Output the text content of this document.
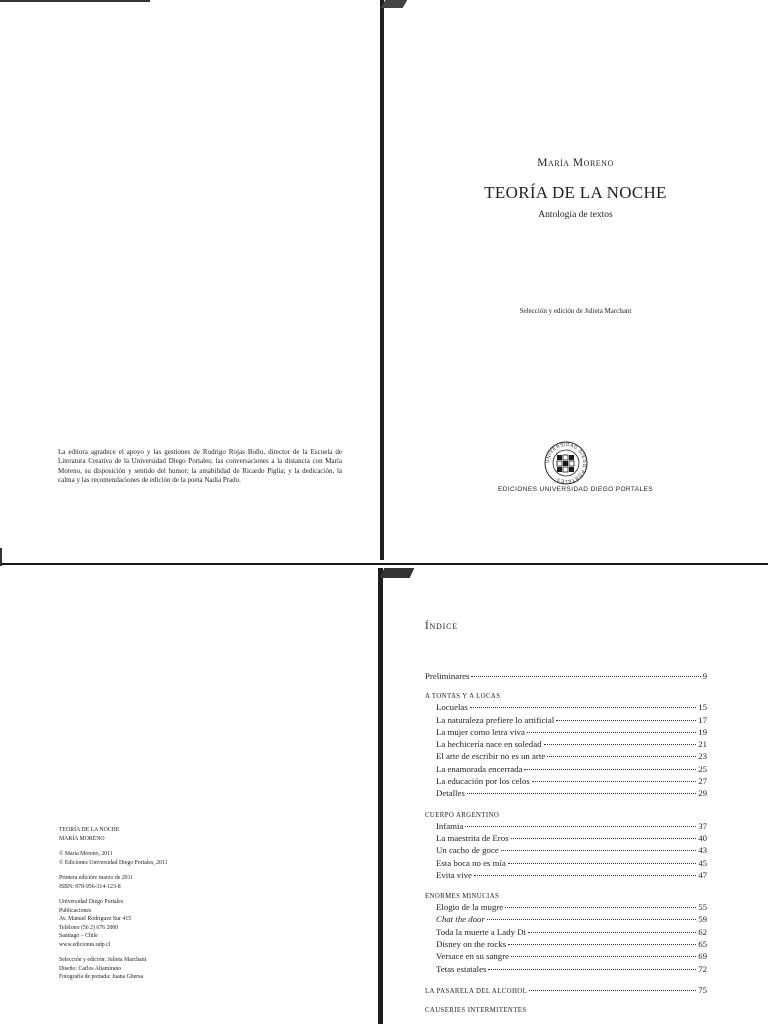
María Moreno
TEORÍA DE LA NOCHE
Antología de textos
Selección y edición de Julieta Marchant
UNIVERSIDAD DIEGO PORTALES
EDICIONES UNIVERSIDAD DIEGO PORTALES
La editora agradece el apoyo y las gestiones de Rodrigo Rojas Bollo, director de la Escuela de Literatura Creativa de la Universidad Diego Portales; las conversaciones a la distancia con María Moreno, su disposición y sentido del humor; la amabilidad de Ricardo Piglia; y la dedicación, la calma y las recomendaciones de edición de la poeta Nadia Prado.
TEORÍA DE LA NOCHE
MARÍA MORENO
© María Moreno, 2011
© Ediciones Universidad Diego Portales, 2011
Primera edición: marzo de 2011
ISBN: 978-956-314-123-8
Universidad Diego Portales
Publicaciones
Av. Manuel Rodríguez Sur 415
Teléfono (56 2) 676 2000
Santiago – Chile
www.ediciones.udp.cl
Selección y edición: Julieta Marchant
Diseño: Carlos Altamirano
Fotografía de portada: Juana Ghersa
Índice
Preliminares	9
A TONTAS Y A LOCAS
Locuelas	15
La naturaleza prefiere lo artificial	17
La mujer como letra viva	19
La hechicería nace en soledad	21
El arte de escribir no es un arte	23
La enamorada encerrada	25
La educación por los celos	27
Detalles	29
CUERPO ARGENTINO
Infamia	37
La maestrita de Eros	40
Un cacho de goce	43
Esta boca no es mía	45
Evita vive	47
ENORMES MINUCIAS
Elogio de la mugre	55
Chat the door	59
Toda la muerte a Lady Di	62
Disney on the rocks	65
Versace en su sangre	69
Tetas estatales	72
LA PASARELA DEL ALCOHOL	75
CAUSERIES INTERMITENTES
